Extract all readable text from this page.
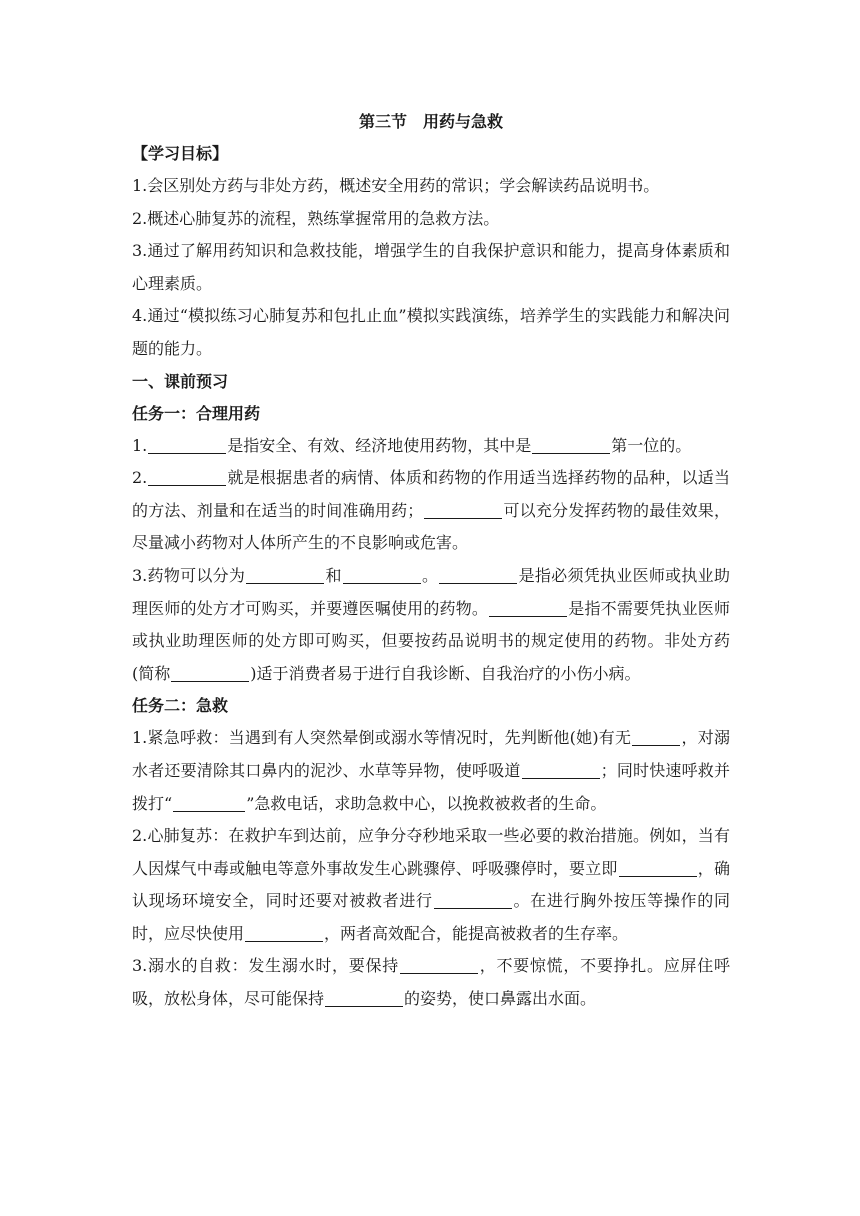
第三节　用药与急救
【学习目标】
1.会区别处方药与非处方药，概述安全用药的常识；学会解读药品说明书。
2.概述心肺复苏的流程，熟练掌握常用的急救方法。
3.通过了解用药知识和急救技能，增强学生的自我保护意识和能力，提高身体素质和心理素质。
4.通过“模拟练习心肺复苏和包扎止血”模拟实践演练，培养学生的实践能力和解决问题的能力。
一、课前预习
任务一：合理用药
1.	是指安全、有效、经济地使用药物，其中是	第一位的。
2.	就是根据患者的病情、体质和药物的作用适当选择药物的品种，以适当的方法、剂量和在适当的时间准确用药；	可以充分发挥药物的最佳效果，尽量减小药物对人体所产生的不良影响或危害。
3.药物可以分为	和	。	是指必须凭执业医师或执业助理医师的处方才可购买，并要遵医嘱使用的药物。	是指不需要凭执业医师或执业助理医师的处方即可购买，但要按药品说明书的规定使用的药物。非处方药(简称	)适于消费者易于进行自我诊断、自我治疗的小伤小病。
任务二：急救
1.紧急呼救：当遇到有人突然晕倒或溺水等情况时，先判断他(她)有无	，对溺水者还要清除其口鼻内的泥沙、水草等异物，使呼吸道	；同时快速呼救并拨打“	”急救电话，求助急救中心，以挽救被救者的生命。
2.心肺复苏：在救护车到达前，应争分夺秒地采取一些必要的救治措施。例如，当有人因煤气中毒或触电等意外事故发生心跳骤停、呼吸骤停时，要立即	，确认现场环境安全，同时还要对被救者进行	。在进行胸外按压等操作的同时，应尽快使用	，两者高效配合，能提高被救者的生存率。
3.溺水的自救：发生溺水时，要保持	，不要惊慌，不要挣扎。应屏住呼吸，放松身体，尽可能保持	的姿势，使口鼻露出水面。
